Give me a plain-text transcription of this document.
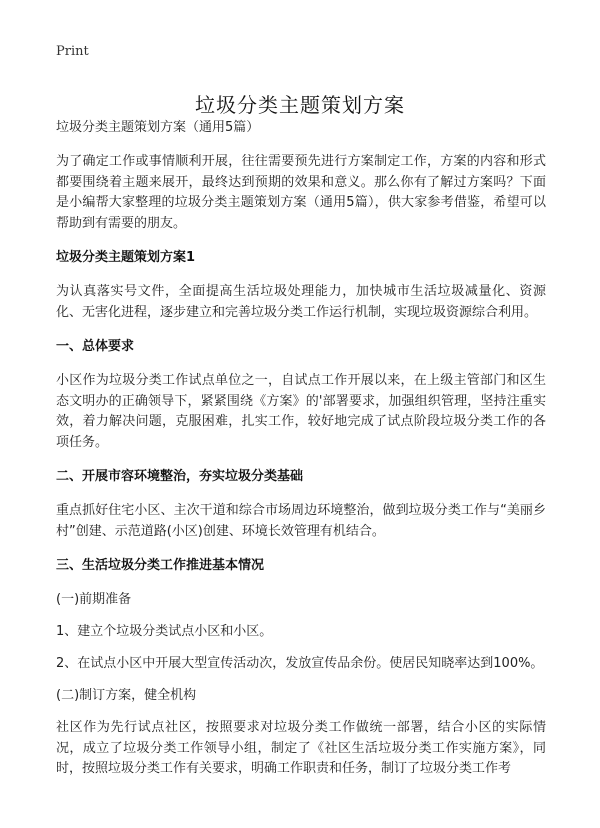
Print
垃圾分类主题策划方案
垃圾分类主题策划方案（通用5篇）

为了确定工作或事情顺利开展，往往需要预先进行方案制定工作，方案的内容和形式都要围绕着主题来展开，最终达到预期的效果和意义。那么你有了解过方案吗？下面是小编帮大家整理的垃圾分类主题策划方案（通用5篇），供大家参考借鉴，希望可以帮助到有需要的朋友。

垃圾分类主题策划方案1

为认真落实号文件，全面提高生活垃圾处理能力，加快城市生活垃圾减量化、资源化、无害化进程，逐步建立和完善垃圾分类工作运行机制，实现垃圾资源综合利用。

一、总体要求

小区作为垃圾分类工作试点单位之一，自试点工作开展以来，在上级主管部门和区生态文明办的正确领导下，紧紧围绕《方案》的'部署要求，加强组织管理，坚持注重实效，着力解决问题，克服困难，扎实工作，较好地完成了试点阶段垃圾分类工作的各项任务。

二、开展市容环境整治，夯实垃圾分类基础

重点抓好住宅小区、主次干道和综合市场周边环境整治，做到垃圾分类工作与“美丽乡村”创建、示范道路(小区)创建、环境长效管理有机结合。

三、生活垃圾分类工作推进基本情况
(一)前期准备
1、建立个垃圾分类试点小区和小区。
2、在试点小区中开展大型宣传活动次，发放宣传品余份。使居民知晓率达到100%。
(二)制订方案，健全机构

社区作为先行试点社区，按照要求对垃圾分类工作做统一部署，结合小区的实际情况，成立了垃圾分类工作领导小组，制定了《社区生活垃圾分类工作实施方案》，同时，按照垃圾分类工作有关要求，明确工作职责和任务，制订了垃圾分类工作考
